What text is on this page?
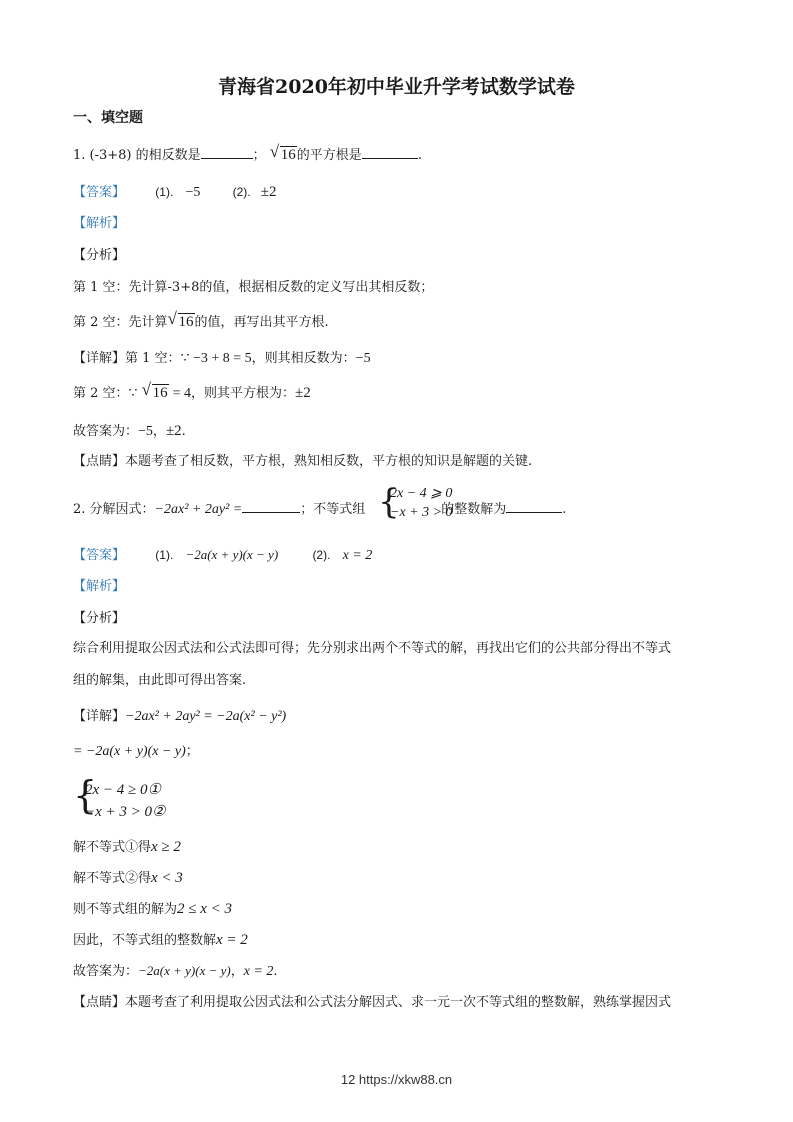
青海省2020年初中毕业升学考试数学试卷
一、填空题
1. (-3+8) 的相反数是	； √ 16的平方根是	.
【答案】	(1). −5	(2). ±2
【解析】
【分析】
第 1 空：先计算-3+8的值，根据相反数的定义写出其相反数；
第 2 空：先计算 √ 16的值，再写出其平方根.
【详解】第 1 空：∵ −3 + 8 = 5，则其相反数为：−5
第 2 空：∵ √ 16 = 4，则其平方根为：±2
故答案为：−5，±2.
【点睛】本题考查了相反数，平方根，熟知相反数，平方根的知识是解题的关键.
2. 分解因式：−2ax² + 2ay² =	；不等式组	的整数解为	.
{
2x − 4 ⩾ 0
−x + 3 > 0
【答案】	(1). −2a(x + y)(x − y)	(2). x = 2
【解析】
【分析】
综合利用提取公因式法和公式法即可得；先分别求出两个不等式的解，再找出它们的公共部分得出不等式
组的解集，由此即可得出答案.
【详解】−2ax² + 2ay² = −2a(x² − y²)
= −2a(x + y)(x − y)；
{
2x − 4 ≥ 0①
−x + 3 > 0②
解不等式①得x ≥ 2
解不等式②得x < 3
则不等式组的解为2 ≤ x < 3
因此，不等式组的整数解x = 2
故答案为：−2a(x + y)(x − y)，x = 2.
【点睛】本题考查了利用提取公因式法和公式法分解因式、求一元一次不等式组的整数解，熟练掌握因式
12 https://xkw88.cn
